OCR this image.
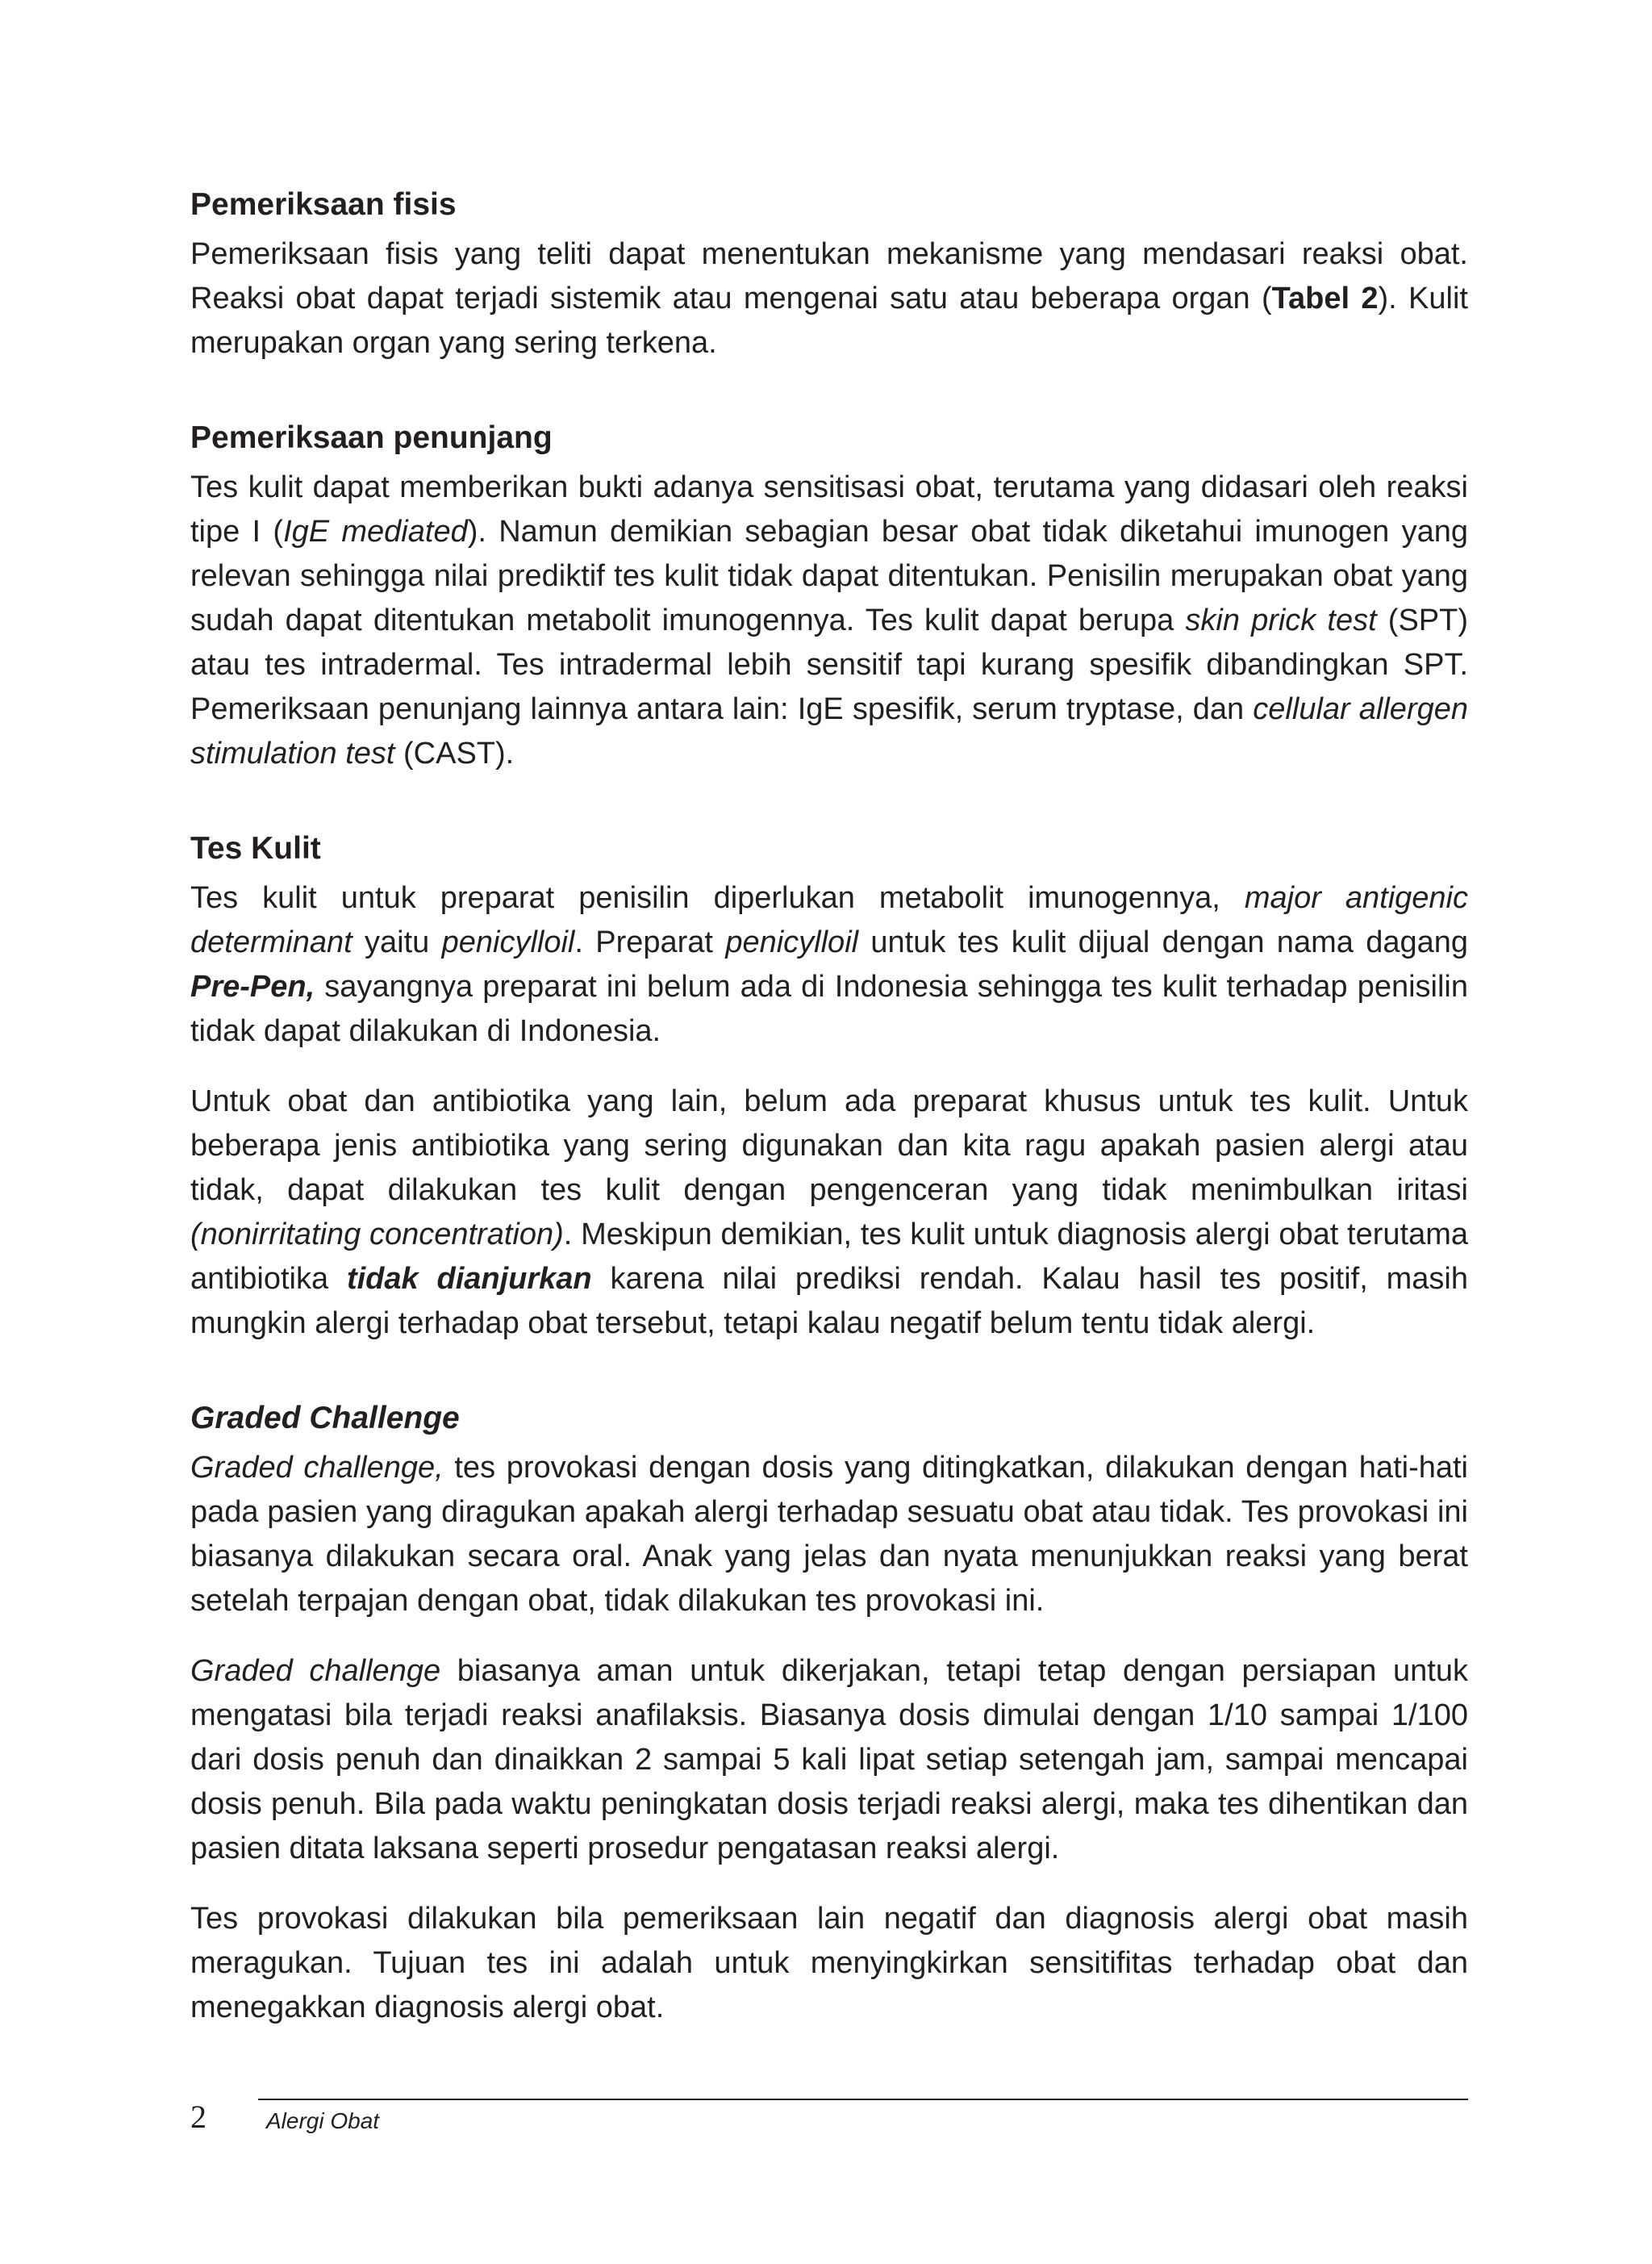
Pemeriksaan fisis

Pemeriksaan fisis yang teliti dapat menentukan mekanisme yang mendasari reaksi obat. Reaksi obat dapat terjadi sistemik atau mengenai satu atau beberapa organ (Tabel 2). Kulit merupakan organ yang sering terkena.

Pemeriksaan penunjang

Tes kulit dapat memberikan bukti adanya sensitisasi obat, terutama yang didasari oleh reaksi tipe I (IgE mediated). Namun demikian sebagian besar obat tidak diketahui imunogen yang relevan sehingga nilai prediktif tes kulit tidak dapat ditentukan. Penisilin merupakan obat yang sudah dapat ditentukan metabolit imunogennya. Tes kulit dapat berupa skin prick test (SPT) atau tes intradermal. Tes intradermal lebih sensitif tapi kurang spesifik dibandingkan SPT. Pemeriksaan penunjang lainnya antara lain: IgE spesifik, serum tryptase, dan cellular allergen stimulation test (CAST).

Tes Kulit

Tes kulit untuk preparat penisilin diperlukan metabolit imunogennya, major antigenic determinant yaitu penicylloil. Preparat penicylloil untuk tes kulit dijual dengan nama dagang Pre-Pen, sayangnya preparat ini belum ada di Indonesia sehingga tes kulit terhadap penisilin tidak dapat dilakukan di Indonesia.

Untuk obat dan antibiotika yang lain, belum ada preparat khusus untuk tes kulit. Untuk beberapa jenis antibiotika yang sering digunakan dan kita ragu apakah pasien alergi atau tidak, dapat dilakukan tes kulit dengan pengenceran yang tidak menimbulkan iritasi (nonirritating concentration). Meskipun demikian, tes kulit untuk diagnosis alergi obat terutama antibiotika tidak dianjurkan karena nilai prediksi rendah. Kalau hasil tes positif, masih mungkin alergi terhadap obat tersebut, tetapi kalau negatif belum tentu tidak alergi.

Graded Challenge

Graded challenge, tes provokasi dengan dosis yang ditingkatkan, dilakukan dengan hati-hati pada pasien yang diragukan apakah alergi terhadap sesuatu obat atau tidak. Tes provokasi ini biasanya dilakukan secara oral. Anak yang jelas dan nyata menunjukkan reaksi yang berat setelah terpajan dengan obat, tidak dilakukan tes provokasi ini.

Graded challenge biasanya aman untuk dikerjakan, tetapi tetap dengan persiapan untuk mengatasi bila terjadi reaksi anafilaksis. Biasanya dosis dimulai dengan 1/10 sampai 1/100 dari dosis penuh dan dinaikkan 2 sampai 5 kali lipat setiap setengah jam, sampai mencapai dosis penuh. Bila pada waktu peningkatan dosis terjadi reaksi alergi, maka tes dihentikan dan pasien ditata laksana seperti prosedur pengatasan reaksi alergi.

Tes provokasi dilakukan bila pemeriksaan lain negatif dan diagnosis alergi obat masih meragukan. Tujuan tes ini adalah untuk menyingkirkan sensitifitas terhadap obat dan menegakkan diagnosis alergi obat.

2	Alergi Obat
